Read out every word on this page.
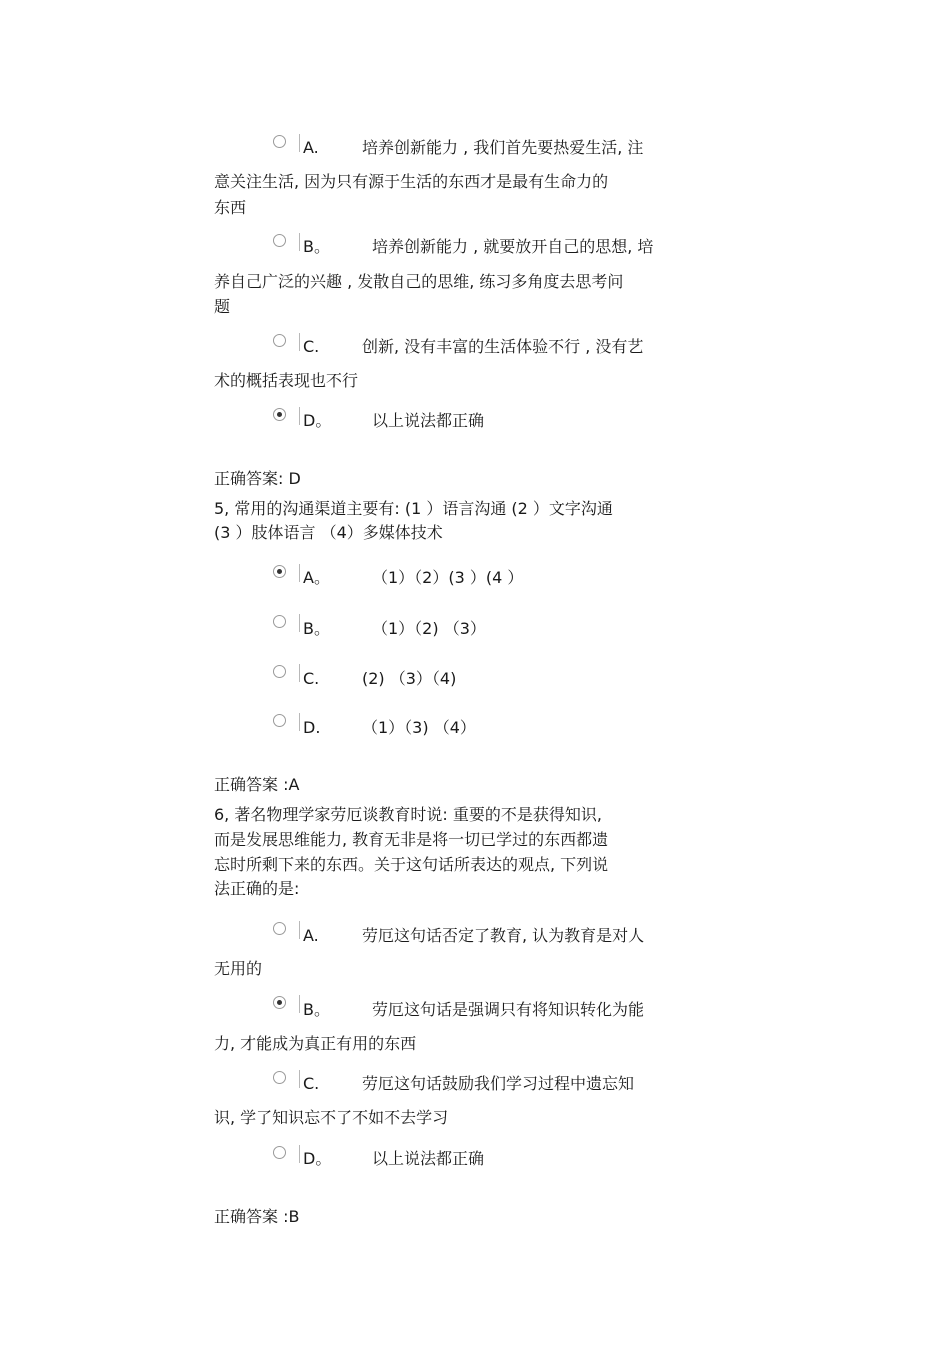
A.	培养创新能力 , 我们首先要热爱生活, 注
意关注生活, 因为只有源于生活的东西才是最有生命力的
东西
B。	培养创新能力 , 就要放开自己的思想, 培
养自己广泛的兴趣 , 发散自己的思维, 练习多角度去思考问
题
C.	创新, 没有丰富的生活体验不行 , 没有艺
术的概括表现也不行
D。	以上说法都正确
正确答案: D
5, 常用的沟通渠道主要有: (1 ）语言沟通 (2 ）文字沟通
(3 ）肢体语言 （4）多媒体技术
A。	（1）（2）(3 ）(4 ）
B。	（1）（2) （3）
C.	(2) （3）（4)
D.	（1）（3) （4）
正确答案 :A
6, 著名物理学家劳厄谈教育时说: 重要的不是获得知识,
而是发展思维能力, 教育无非是将一切已学过的东西都遗
忘时所剩下来的东西。关于这句话所表达的观点, 下列说
法正确的是:
A.	劳厄这句话否定了教育, 认为教育是对人
无用的
B。	劳厄这句话是强调只有将知识转化为能
力, 才能成为真正有用的东西
C.	劳厄这句话鼓励我们学习过程中遗忘知
识, 学了知识忘不了不如不去学习
D。	以上说法都正确
正确答案 :B
